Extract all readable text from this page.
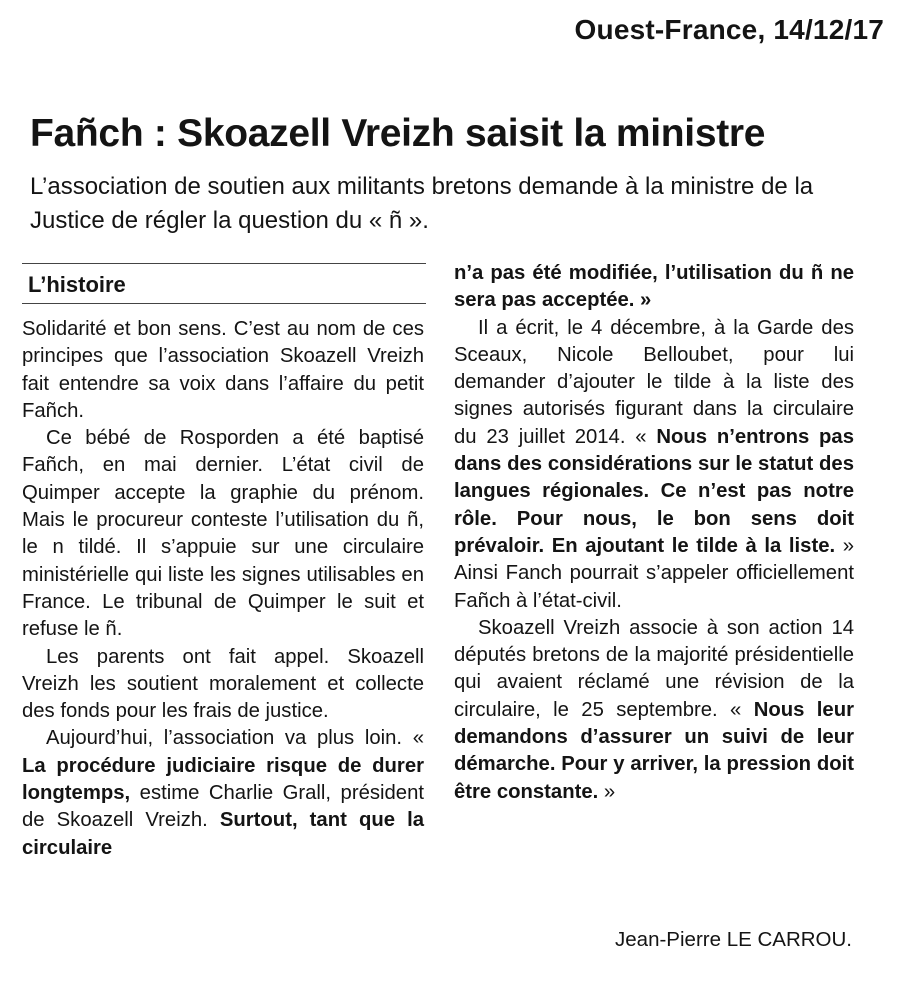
Ouest-France, 14/12/17
Fañch : Skoazell Vreizh saisit la ministre

L’association de soutien aux militants bretons demande à la ministre de la Justice de régler la question du « ñ ».

L’histoire

Solidarité et bon sens. C’est au nom de ces principes que l’association Skoazell Vreizh fait entendre sa voix dans l’affaire du petit Fañch.

Ce bébé de Rosporden a été baptisé Fañch, en mai dernier. L’état civil de Quimper accepte la graphie du prénom. Mais le procureur conteste l’utilisation du ñ, le n tildé. Il s’appuie sur une circulaire ministérielle qui liste les signes utilisables en France. Le tribunal de Quimper le suit et refuse le ñ.

Les parents ont fait appel. Skoazell Vreizh les soutient moralement et collecte des fonds pour les frais de justice.

Aujourd’hui, l’association va plus loin. « La procédure judiciaire risque de durer longtemps, estime Charlie Grall, président de Skoazell Vreizh. Surtout, tant que la circulaire

n’a pas été modifiée, l’utilisation du ñ ne sera pas acceptée. »

Il a écrit, le 4 décembre, à la Garde des Sceaux, Nicole Belloubet, pour lui demander d’ajouter le tilde à la liste des signes autorisés figurant dans la circulaire du 23 juillet 2014. « Nous n’entrons pas dans des considérations sur le statut des langues régionales. Ce n’est pas notre rôle. Pour nous, le bon sens doit prévaloir. En ajoutant le tilde à la liste. » Ainsi Fanch pourrait s’appeler officiellement Fañch à l’état-civil.

Skoazell Vreizh associe à son action 14 députés bretons de la majorité présidentielle qui avaient réclamé une révision de la circulaire, le 25 septembre. « Nous leur demandons d’assurer un suivi de leur démarche. Pour y arriver, la pression doit être constante. »

Jean-Pierre LE CARROU.
